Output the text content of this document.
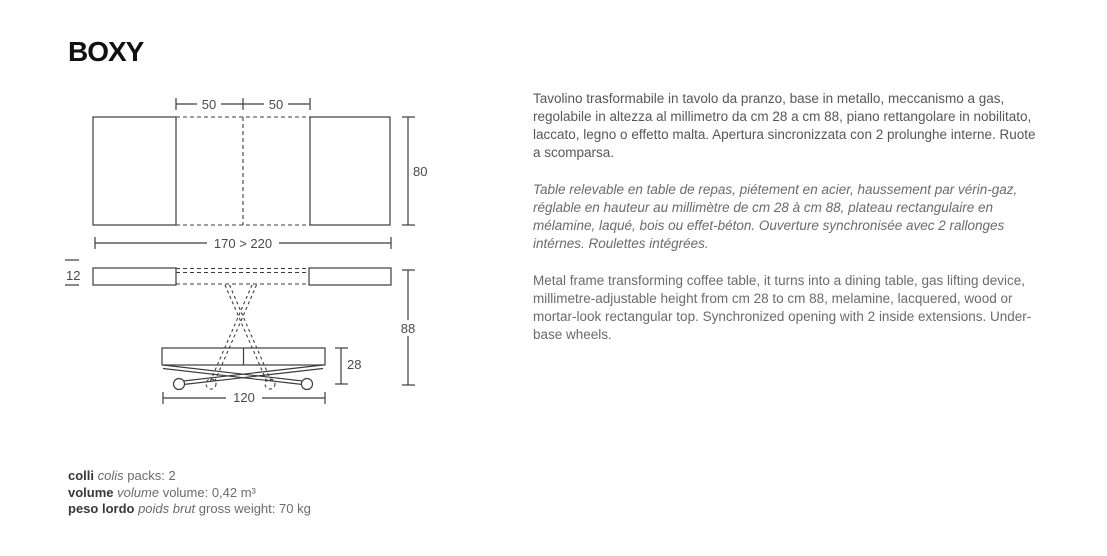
BOXY
50	50
80
170 > 220
12
28
120
88

Tavolino trasformabile in tavolo da pranzo, base in metallo, meccanismo a gas, regolabile in altezza al millimetro da cm 28 a cm 88, piano rettangolare in nobilitato, laccato, legno o effetto malta. Apertura sincronizzata con 2 prolunghe interne. Ruote a scomparsa.

Table relevable en table de repas, piétement en acier, haussement par vérin-gaz, réglable en hauteur au millimètre de cm 28 à cm 88, plateau rectangulaire en mélamine, laqué, bois ou effet-béton. Ouverture synchronisée avec 2 rallonges intérnes. Roulettes intégrées.

Metal frame transforming coffee table, it turns into a dining table, gas lifting device, millimetre-adjustable height from cm 28 to cm 88, melamine, lacquered, wood or mortar-look rectangular top. Synchronized opening with 2 inside extensions. Under-base wheels.

colli colis packs: 2
volume volume volume: 0,42 m³
peso lordo poids brut gross weight: 70 kg
